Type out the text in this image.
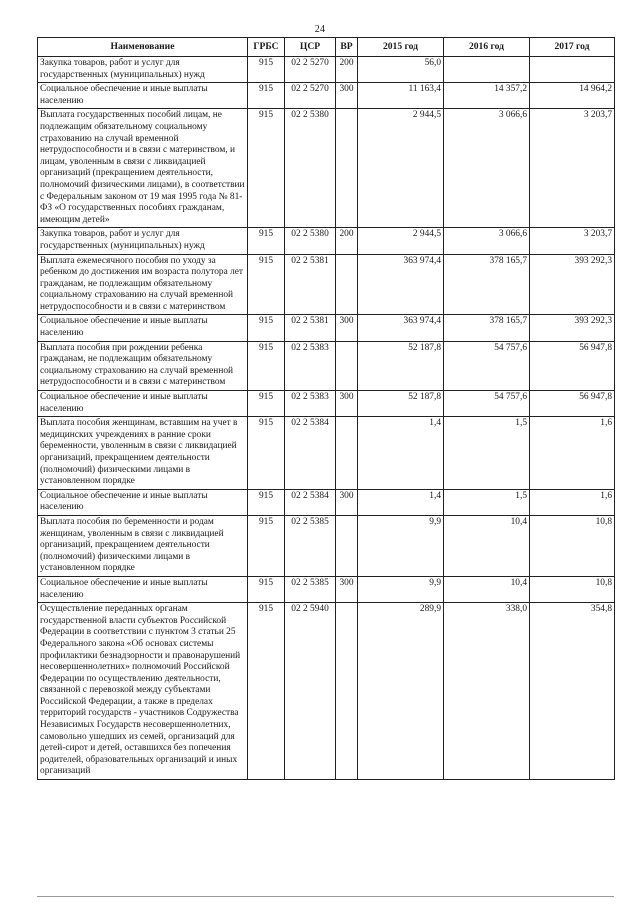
24
Наименование	ГРБС	ЦСР	ВР	2015 год	2016 год	2017 год
Закупка товаров, работ и услуг для государственных (муниципальных) нужд	915	02 2 5270	200	56,0		
Социальное обеспечение и иные выплаты населению	915	02 2 5270	300	11 163,4	14 357,2	14 964,2
Выплата государственных пособий лицам, не подлежащим обязательному социальному страхованию на случай временной нетрудоспособности и в связи с материнством, и лицам, уволенным в связи с ликвидацией организаций (прекращением деятельности, полномочий физическими лицами), в соответствии с Федеральным законом от 19 мая 1995 года № 81-ФЗ «О государственных пособиях гражданам, имеющим детей»	915	02 2 5380		2 944,5	3 066,6	3 203,7
Закупка товаров, работ и услуг для государственных (муниципальных) нужд	915	02 2 5380	200	2 944,5	3 066,6	3 203,7
Выплата ежемесячного пособия по уходу за ребенком до достижения им возраста полутора лет гражданам, не подлежащим обязательному социальному страхованию на случай временной нетрудоспособности и в связи с материнством	915	02 2 5381		363 974,4	378 165,7	393 292,3
Социальное обеспечение и иные выплаты населению	915	02 2 5381	300	363 974,4	378 165,7	393 292,3
Выплата пособия при рождении ребенка гражданам, не подлежащим обязательному социальному страхованию на случай временной нетрудоспособности и в связи с материнством	915	02 2 5383		52 187,8	54 757,6	56 947,8
Социальное обеспечение и иные выплаты населению	915	02 2 5383	300	52 187,8	54 757,6	56 947,8
Выплата пособия женщинам, вставшим на учет в медицинских учреждениях в ранние сроки беременности, уволенным в связи с ликвидацией организаций, прекращением деятельности (полномочий) физическими лицами в установленном порядке	915	02 2 5384		1,4	1,5	1,6
Социальное обеспечение и иные выплаты населению	915	02 2 5384	300	1,4	1,5	1,6
Выплата пособия по беременности и родам женщинам, уволенным в связи с ликвидацией организаций, прекращением деятельности (полномочий) физическими лицами в установленном порядке	915	02 2 5385		9,9	10,4	10,8
Социальное обеспечение и иные выплаты населению	915	02 2 5385	300	9,9	10,4	10,8
Осуществление переданных органам государственной власти субъектов Российской Федерации в соответствии с пунктом 3 статьи 25 Федерального закона «Об основах системы профилактики безнадзорности и правонарушений несовершеннолетних» полномочий Российской Федерации по осуществлению деятельности, связанной с перевозкой между субъектами Российской Федерации, а также в пределах территорий государств - участников Содружества Независимых Государств несовершеннолетних, самовольно ушедших из семей, организаций для детей-сирот и детей, оставшихся без попечения родителей, образовательных организаций и иных организаций	915	02 2 5940		289,9	338,0	354,8
